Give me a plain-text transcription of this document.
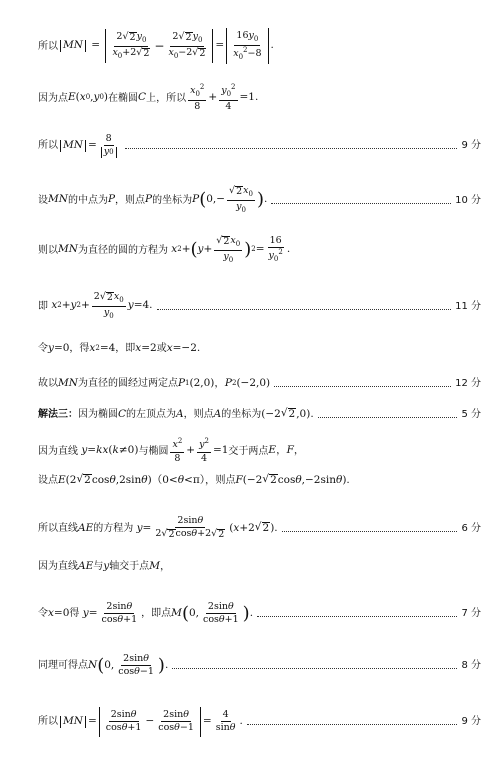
所以 MN = $\frac{2√ 2 y_0}{x_0+2√ 2} - \frac{2√ 2 y_0}{x_0-2√ 2} = \frac{16y_0}{x_0^2-8}$ .
因为点 E ( x 0 , y 0 ) 在椭圆 C 上，所以 $\frac{x_0^2}{8} + \frac{y_0^2}{4} =1$.
所以 MN = $\frac{8}{y 0}$	9 分
设 MN 的中点为 P ，则点 P 的坐标为 P ( $0,- \frac{√ 2 x_0}{y_0}$ ) .	10 分
则以 MN 为直径的圆的方程为
x 2 + ( $y + \frac{√ 2 x_0}{y_0}$ ) $2 = \frac{16}{y_0^2}$ .
即
x 2 + y $2 + \frac{2√ 2 x_0}{y_0}$ y =4.	11 分
令 y =0 ，得 x 2 =4 ，即 x =2 或 x =−2.
故以 MN 为直径的圆经过两定点 P 1 (2,0)， P 2 (−2,0)	12 分
解法三： 因为椭圆 C 的左顶点为 A ，则点 A 的坐标为 (−2 √ 2 ,0).	5 分
因为直线
y = kx ( k ≠0) 与椭圆 $\frac{x^2}{8} + \frac{y^2}{4} =1$ 交于两点 E ， F ，
设点 E (2 √ 2 cos θ ,2sin θ )（0< θ <π）， 则点 F (−2 √ 2 cos θ ,−2sin θ ).
所以直线 AE 的方程为
$y = \frac{2\sin\theta}{2√ 2 \cos\theta+2√ 2}$ ( x +2 √ 2 ).	6 分
因为直线 AE 与 y 轴交于点 M ，
令 x =0 得
$y = \frac{2\sin\theta}{\cos\theta+1}$ ，即点 M ( 0, $\frac{2\sin\theta}{\cos\theta+1}$ ) .	7 分
同理可得点 N ( 0, $\frac{2\sin\theta}{\cos\theta-1}$ ) .	8 分
所以 MN = $\frac{2\sin\theta}{\cos\theta+1} - \frac{2\sin\theta}{\cos\theta-1} = \frac{4}{\sin\theta}$ .	9 分
